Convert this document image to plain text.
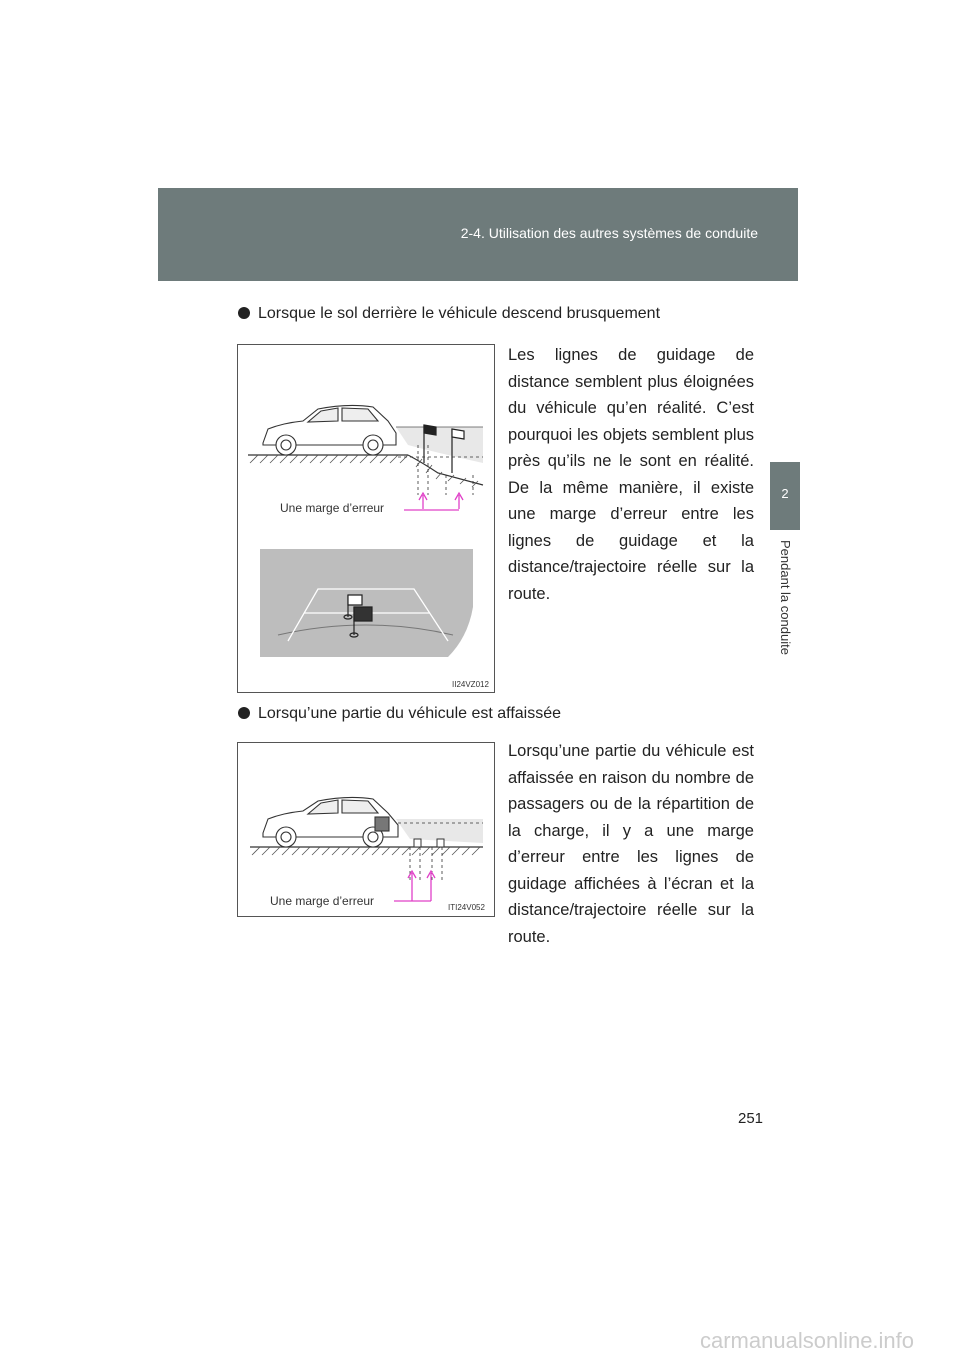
2-4. Utilisation des autres systèmes de conduite
2
Pendant la conduite
Lorsque le sol derrière le véhicule descend brusquement
Une marge d’erreur
II24VZ012
Les lignes de guidage de distance semblent plus éloignées du véhicule qu’en réalité. C’est pourquoi les objets semblent plus près qu’ils ne le sont en réalité. De la même manière, il existe une marge d’erreur entre les lignes de guidage et la distance/trajectoire réelle sur la route.
Lorsqu’une partie du véhicule est affaissée
Une marge d’erreur	ITI24V052
Lorsqu’une partie du véhicule est affaissée en raison du nombre de passagers ou de la répartition de la charge, il y a une marge d’erreur entre les lignes de guidage affichées à l’écran et la distance/trajectoire réelle sur la route.
251
carmanualsonline.info
